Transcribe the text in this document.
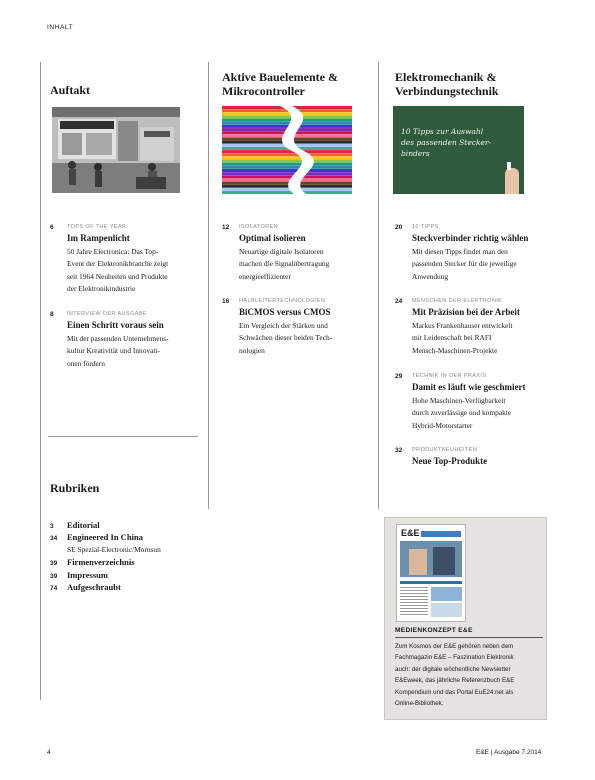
INHALT
Auftakt
Aktive Bauelemente &
Mikrocontroller
Elektromechanik &
Verbindungstechnik
10 Tipps zur Auswahl
des passenden Stecker-
binders
6 TOPS OF THE YEAR
Im Rampenlicht
50 Jahre Electronica: Das Top-
Event der Elektronikbranche zeigt
seit 1964 Neuheiten und Produkte
der Elektronikindustrie
8 INTERVIEW DER AUSGABE
Einen Schritt voraus sein
Mit der passenden Unternehmens-
kultur Kreativität und Innovati-
onen fördern
12 ISOLATOREN
Optimal isolieren
Neuartige digitale Isolatoren
machen die Signalübertragung
energieeffizienter
16 HALBLEITERTECHNOLOGIEN
BiCMOS versus CMOS
Ein Vergleich der Stärken und
Schwächen dieser beiden Tech-
nologien
20 10 TIPPS
Steckverbinder richtig wählen
Mit diesen Tipps findet man den
passenden Stecker für die jeweilige
Anwendung
24 MENSCHEN DER ELEKTRONIK
Mit Präzision bei der Arbeit
Markus Frankenhauser entwickelt
mit Leidenschaft bei RAFI
Mensch-Maschinen-Projekte
29 TECHNIK IN DER PRAXIS
Damit es läuft wie geschmiert
Hohe Maschinen-Verfügbarkeit
durch zuverlässige und kompakte
Hybrid-Motorstarter
32 PRODUKTNEUHEITEN
Neue Top-Produkte
Rubriken
3 Editorial
34 Engineered In China
SE Spezial-Electronic/Mornsun
39 Firmenverzeichnis
39 Impressum
74 Aufgeschraubt
E&E
MEDIENKONZEPT E&E
Zum Kosmos der E&E gehören neben dem
Fachmagazin E&E – Faszination Elektronik
auch: der digitale wöchentliche Newsletter
E&Eweek, das jährliche Referenzbuch E&E
Kompendium und das Portal EuE24.net als
Online-Bibliothek.
4	E&E | Ausgabe 7.2014
